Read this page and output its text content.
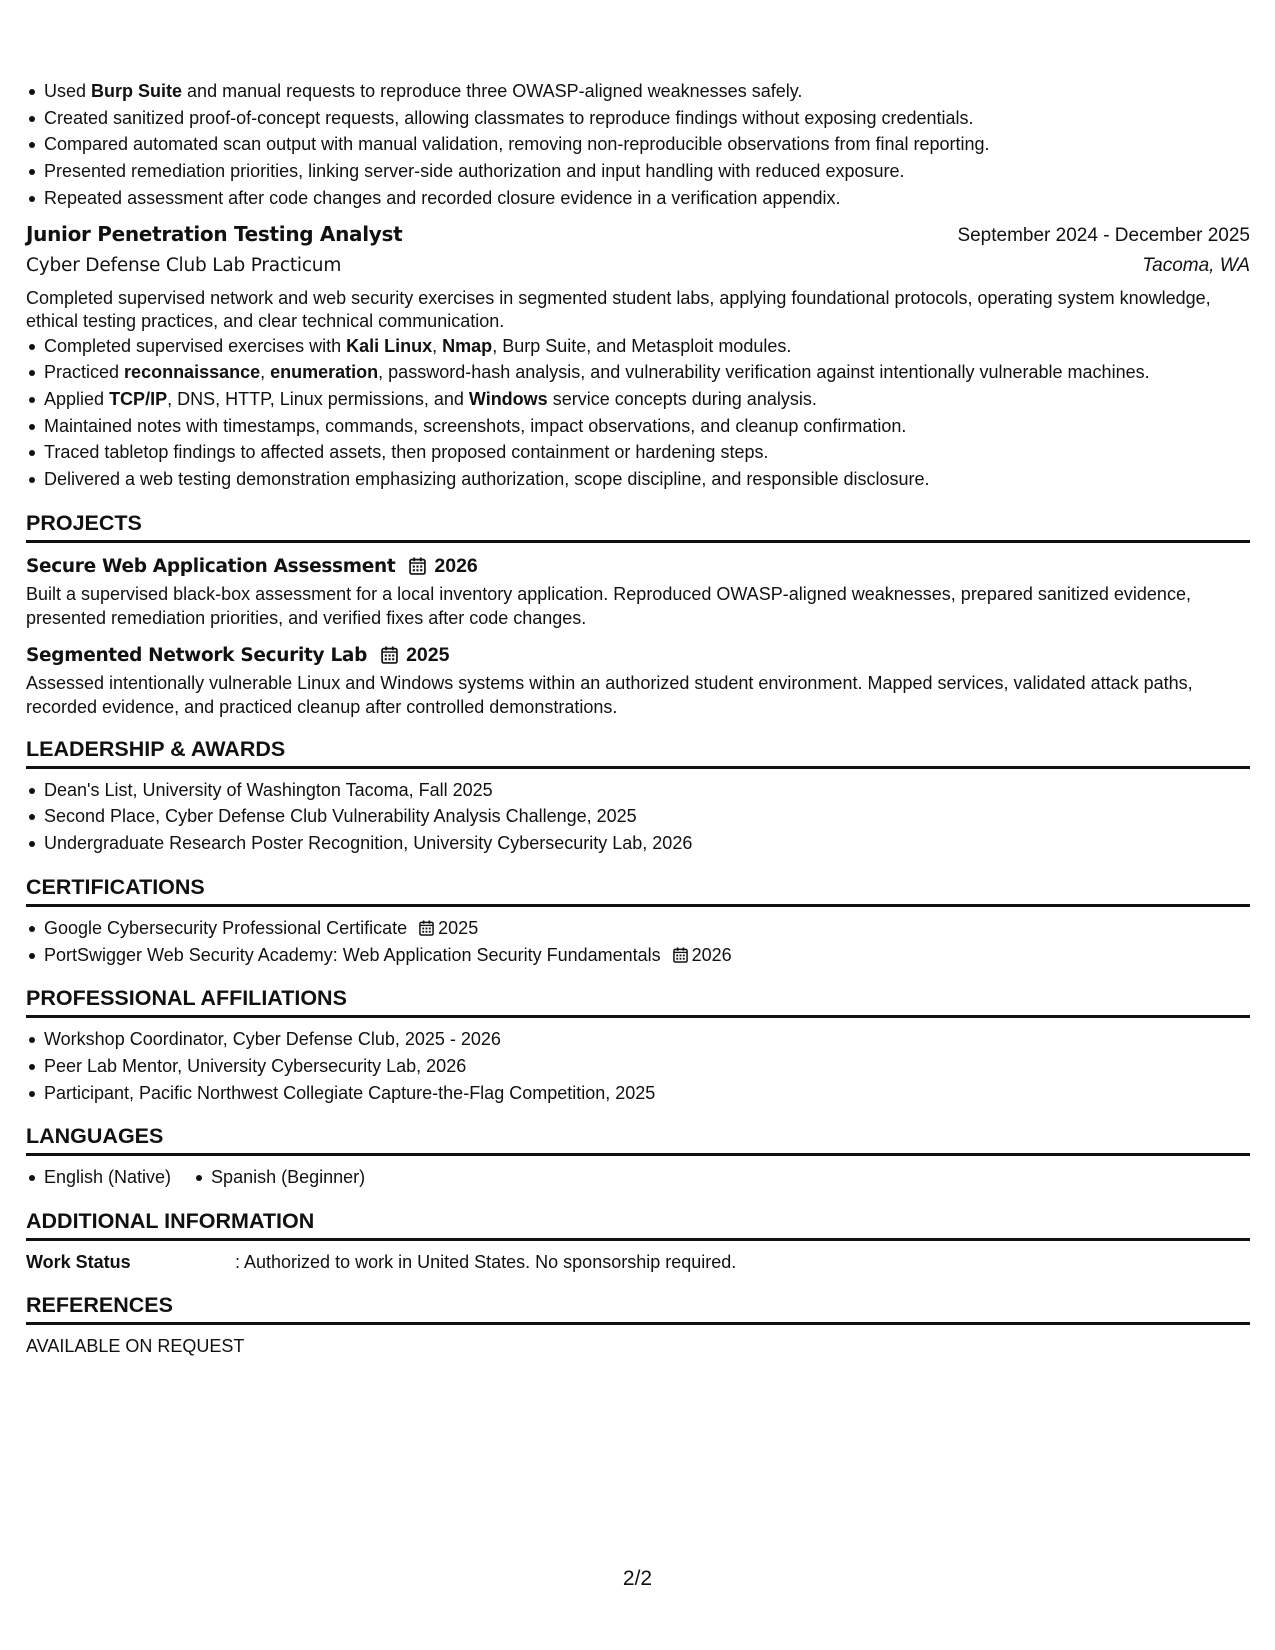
Used Burp Suite and manual requests to reproduce three OWASP-aligned weaknesses safely.
Created sanitized proof-of-concept requests, allowing classmates to reproduce findings without exposing credentials.
Compared automated scan output with manual validation, removing non-reproducible observations from final reporting.
Presented remediation priorities, linking server-side authorization and input handling with reduced exposure.
Repeated assessment after code changes and recorded closure evidence in a verification appendix.
Junior Penetration Testing Analyst	September 2024 - December 2025
Cyber Defense Club Lab Practicum	Tacoma, WA
Completed supervised network and web security exercises in segmented student labs, applying foundational protocols, operating system knowledge, ethical testing practices, and clear technical communication.
Completed supervised exercises with Kali Linux, Nmap, Burp Suite, and Metasploit modules.
Practiced reconnaissance, enumeration, password-hash analysis, and vulnerability verification against intentionally vulnerable machines.
Applied TCP/IP, DNS, HTTP, Linux permissions, and Windows service concepts during analysis.
Maintained notes with timestamps, commands, screenshots, impact observations, and cleanup confirmation.
Traced tabletop findings to affected assets, then proposed containment or hardening steps.
Delivered a web testing demonstration emphasizing authorization, scope discipline, and responsible disclosure.
PROJECTS
Secure Web Application Assessment 2026
Built a supervised black-box assessment for a local inventory application. Reproduced OWASP-aligned weaknesses, prepared sanitized evidence, presented remediation priorities, and verified fixes after code changes.
Segmented Network Security Lab 2025
Assessed intentionally vulnerable Linux and Windows systems within an authorized student environment. Mapped services, validated attack paths, recorded evidence, and practiced cleanup after controlled demonstrations.
LEADERSHIP & AWARDS
Dean's List, University of Washington Tacoma, Fall 2025
Second Place, Cyber Defense Club Vulnerability Analysis Challenge, 2025
Undergraduate Research Poster Recognition, University Cybersecurity Lab, 2026
CERTIFICATIONS
Google Cybersecurity Professional Certificate 2025
PortSwigger Web Security Academy: Web Application Security Fundamentals 2026
PROFESSIONAL AFFILIATIONS
Workshop Coordinator, Cyber Defense Club, 2025 - 2026
Peer Lab Mentor, University Cybersecurity Lab, 2026
Participant, Pacific Northwest Collegiate Capture-the-Flag Competition, 2025
LANGUAGES
English (Native) Spanish (Beginner)
ADDITIONAL INFORMATION
Work Status	: Authorized to work in United States. No sponsorship required.
REFERENCES
AVAILABLE ON REQUEST
2/2
